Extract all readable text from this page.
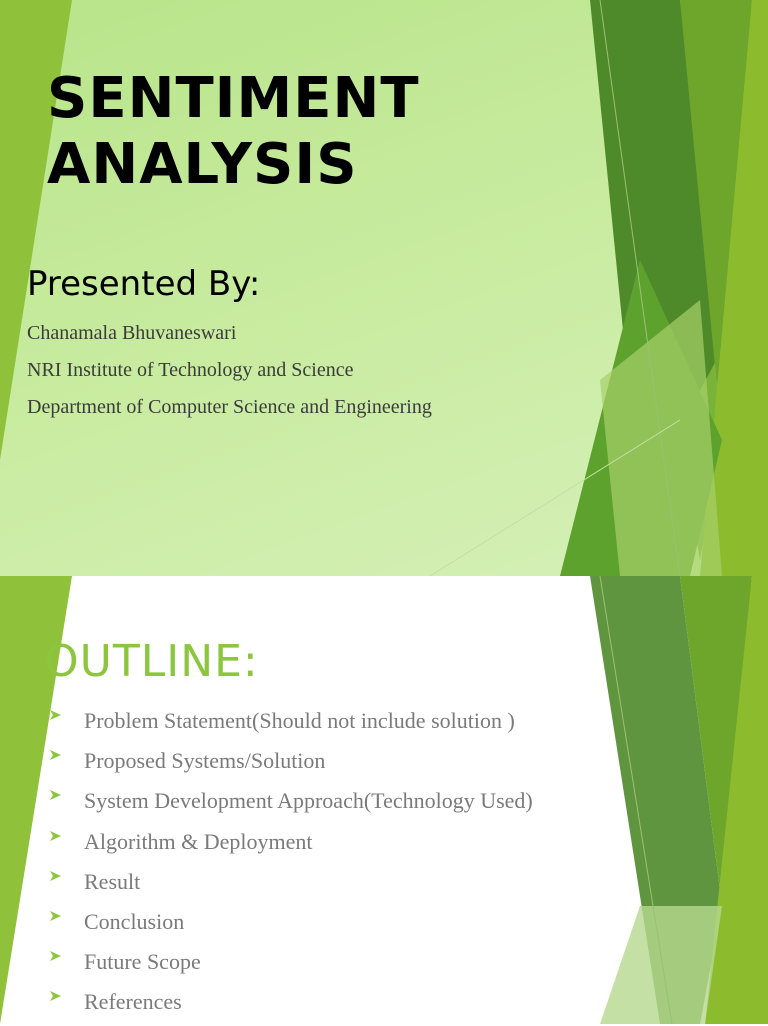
SENTIMENT
ANALYSIS

Presented By:

Chanamala Bhuvaneswari
NRI Institute of Technology and Science
Department of Computer Science and Engineering
OUTLINE:
Problem Statement(Should not include solution )
Proposed Systems/Solution
System Development Approach(Technology Used)
Algorithm & Deployment
Result
Conclusion
Future Scope
References
